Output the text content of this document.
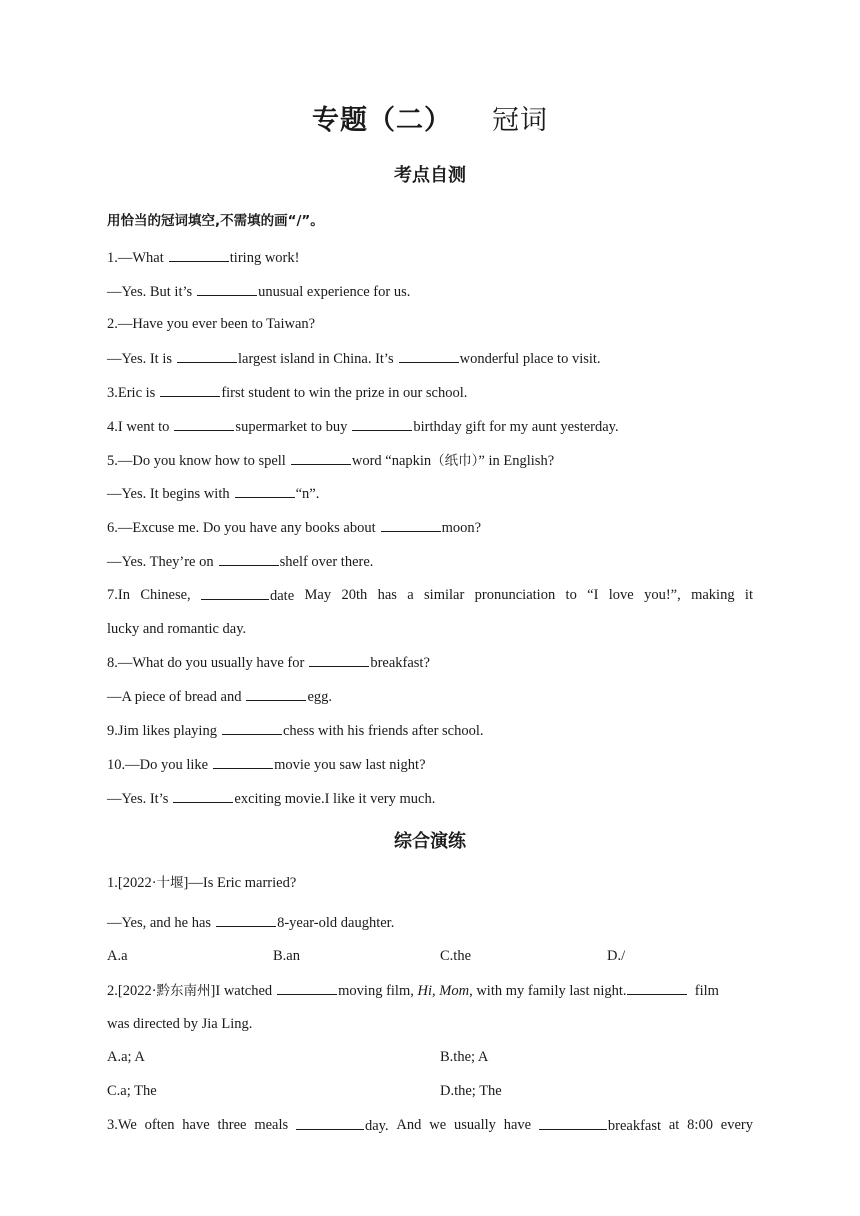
专题（二） 冠词
考点自测
用恰当的冠词填空,不需填的画“/”。
1.—What	tiring work!
—Yes. But it’s	unusual experience for us.
2.—Have you ever been to Taiwan?
—Yes. It is	largest island in China. It’s	wonderful place to visit.
3.Eric is	first student to win the prize in our school.
4.I went to	supermarket to buy	birthday gift for my aunt yesterday.
5.—Do you know how to spell	word “napkin（纸巾）” in English?
—Yes. It begins with	“n”.
6.—Excuse me. Do you have any books about	moon?
—Yes. They’re on	shelf over there.
7.In Chinese,	date May 20th has a similar pronunciation to “I love you!”, making it
lucky and romantic day.
8.—What do you usually have for	breakfast?
—A piece of bread and	egg.
9.Jim likes playing	chess with his friends after school.
10.—Do you like	movie you saw last night?
—Yes. It’s	exciting movie.I like it very much.
综合演练
1.[2022·十堰]—Is Eric married?
—Yes, and he has	8-year-old daughter.
A.a	B.an	C.the	D./
2.[2022·黔东南州]I watched	moving film, Hi, Mom, with my family last night.	film
was directed by Jia Ling.
A.a; A	B.the; A
C.a; The	D.the; The
3.We often have three meals	day. And we usually have	breakfast at 8:00 every
